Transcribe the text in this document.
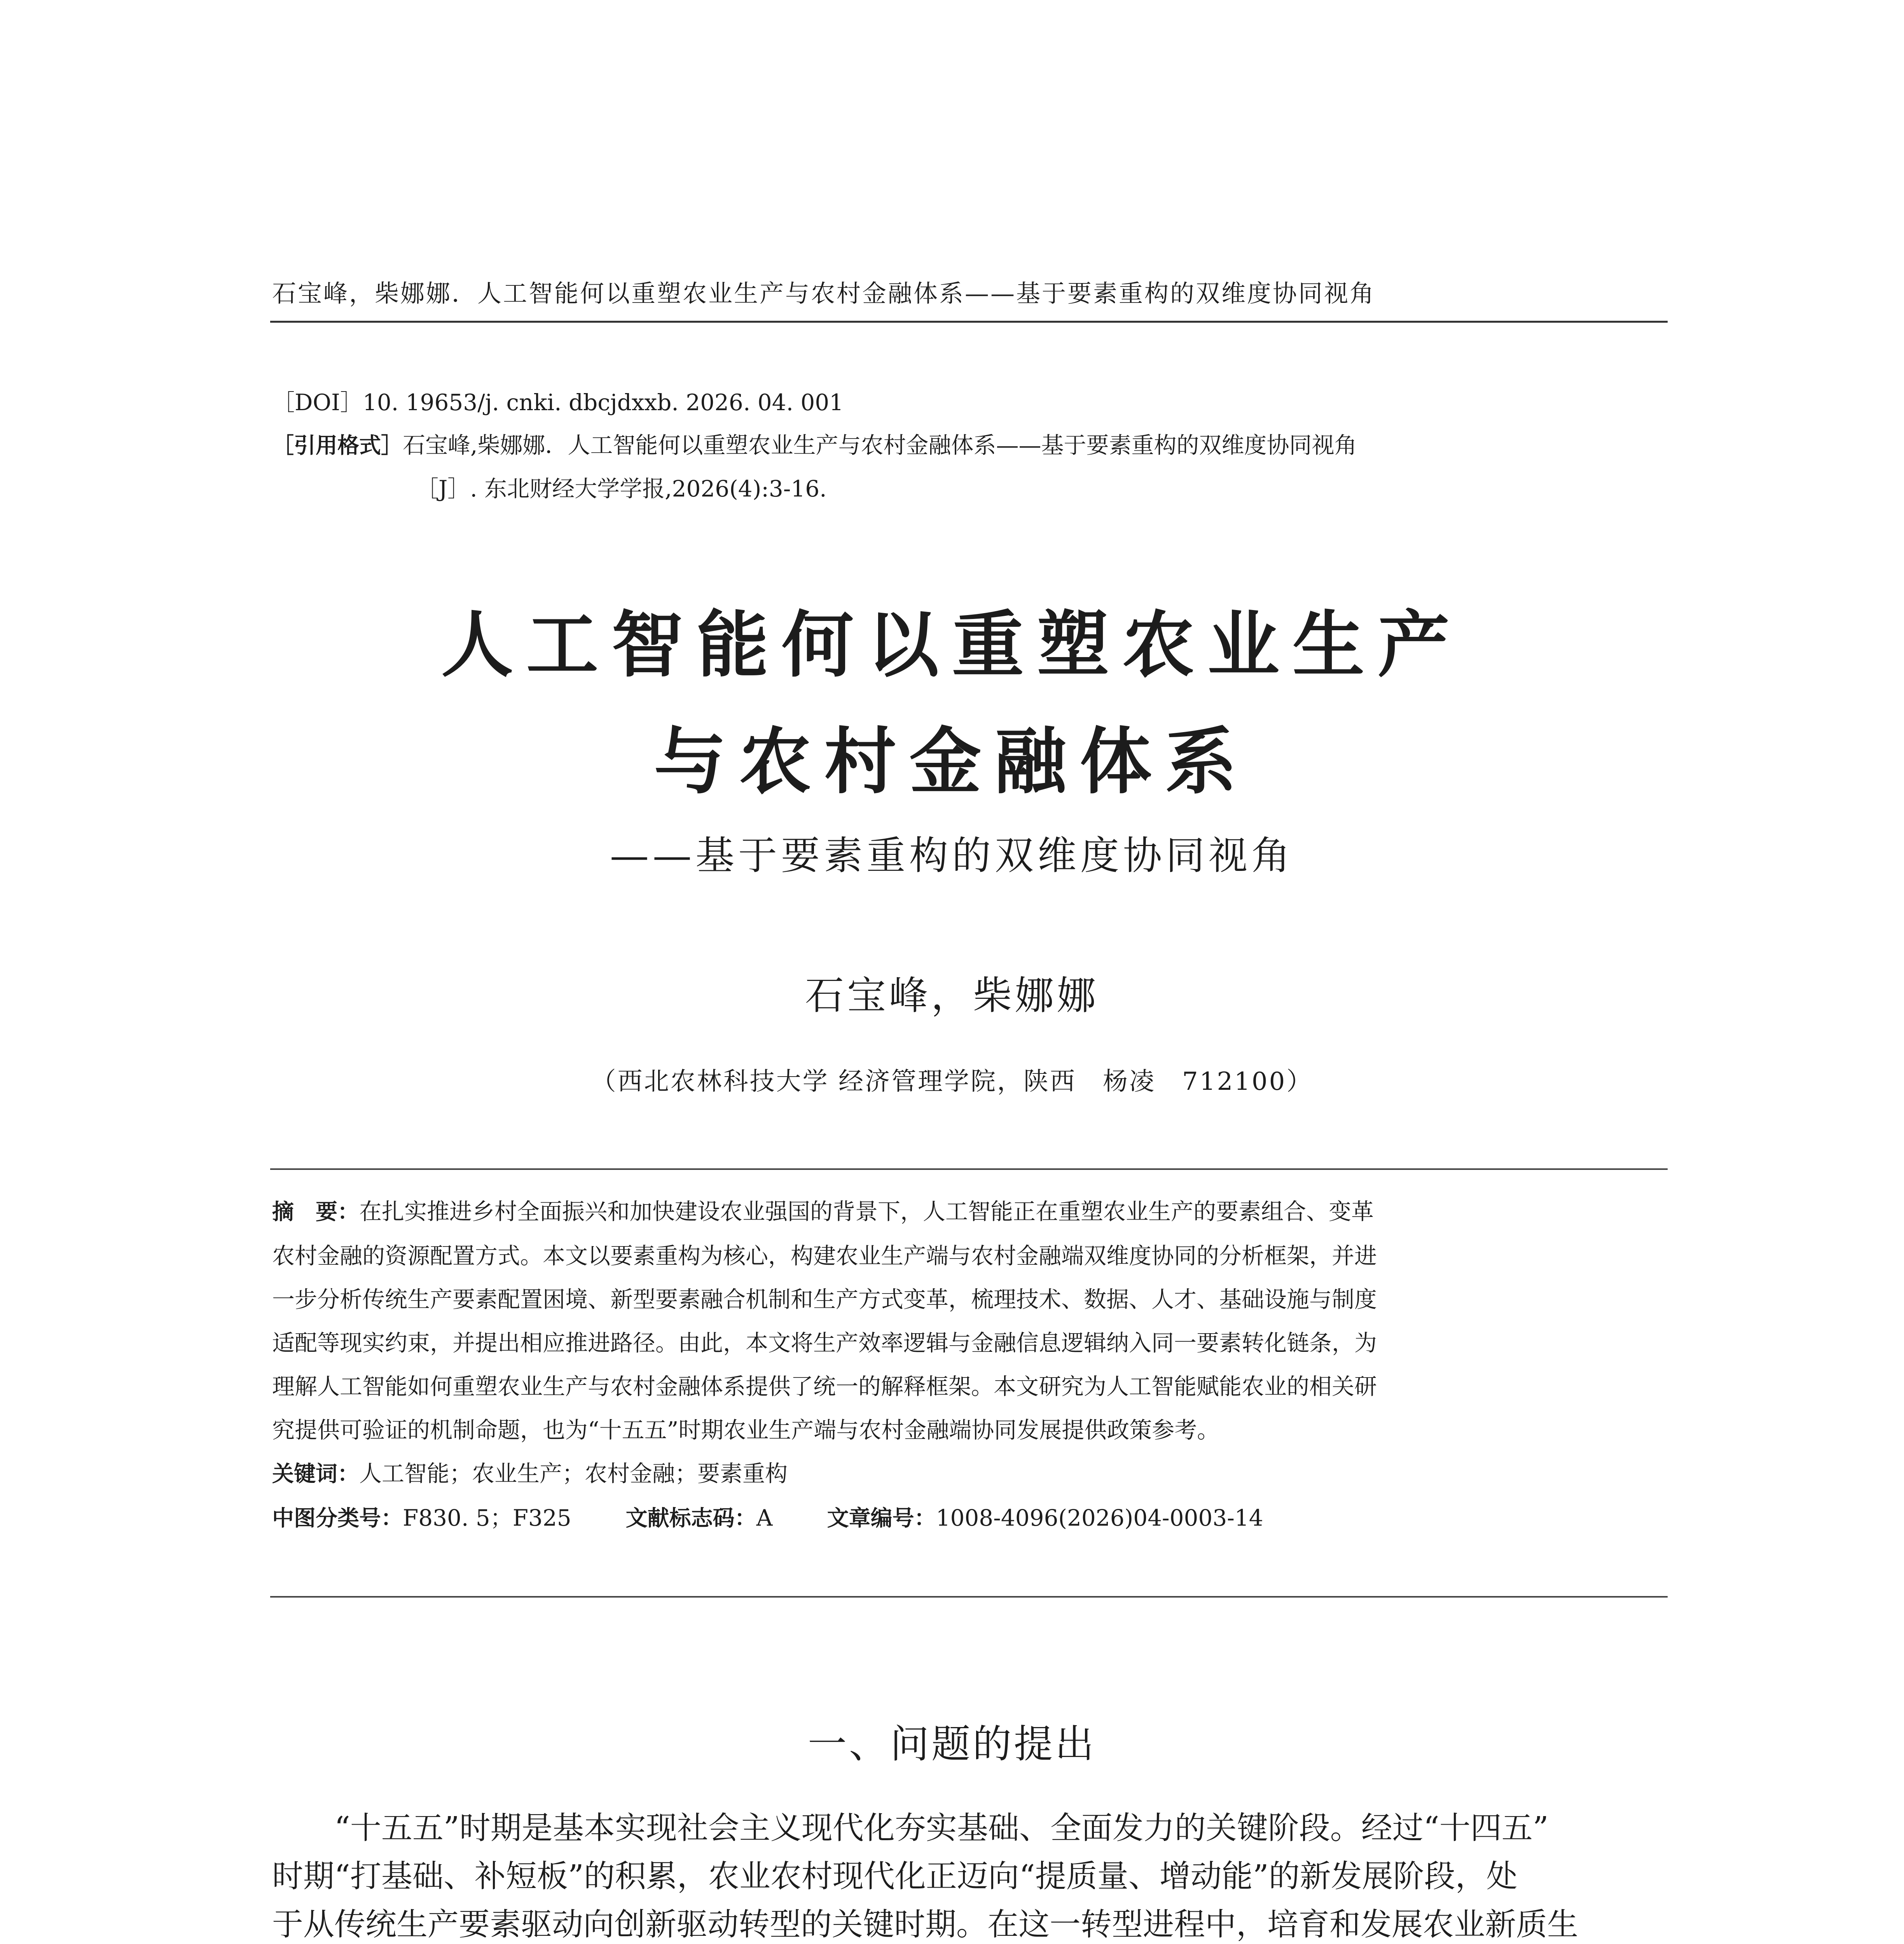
石宝峰，柴娜娜．人工智能何以重塑农业生产与农村金融体系——基于要素重构的双维度协同视角
［DOI］10. 19653/j. cnki. dbcjdxxb. 2026. 04. 001
［引用格式］石宝峰,柴娜娜．人工智能何以重塑农业生产与农村金融体系——基于要素重构的双维度协同视角
［J］. 东北财经大学学报,2026(4):3-16.
人工智能何以重塑农业生产
与农村金融体系
——基于要素重构的双维度协同视角
石宝峰，柴娜娜
（西北农林科技大学 经济管理学院，陕西　杨凌　712100）
摘　要：在扎实推进乡村全面振兴和加快建设农业强国的背景下，人工智能正在重塑农业生产的要素组合、变革
农村金融的资源配置方式。本文以要素重构为核心，构建农业生产端与农村金融端双维度协同的分析框架，并进
一步分析传统生产要素配置困境、新型要素融合机制和生产方式变革，梳理技术、数据、人才、基础设施与制度
适配等现实约束，并提出相应推进路径。由此，本文将生产效率逻辑与金融信息逻辑纳入同一要素转化链条，为
理解人工智能如何重塑农业生产与农村金融体系提供了统一的解释框架。本文研究为人工智能赋能农业的相关研
究提供可验证的机制命题，也为“十五五”时期农业生产端与农村金融端协同发展提供政策参考。
关键词：人工智能；农业生产；农村金融；要素重构
中图分类号：F830. 5；F325	文献标志码：A	文章编号：1008-4096(2026)04-0003-14
一、问题的提出
“十五五”时期是基本实现社会主义现代化夯实基础、全面发力的关键阶段。经过“十四五”
时期“打基础、补短板”的积累，农业农村现代化正迈向“提质量、增动能”的新发展阶段，处
于从传统生产要素驱动向创新驱动转型的关键时期。在这一转型进程中，培育和发展农业新质生
